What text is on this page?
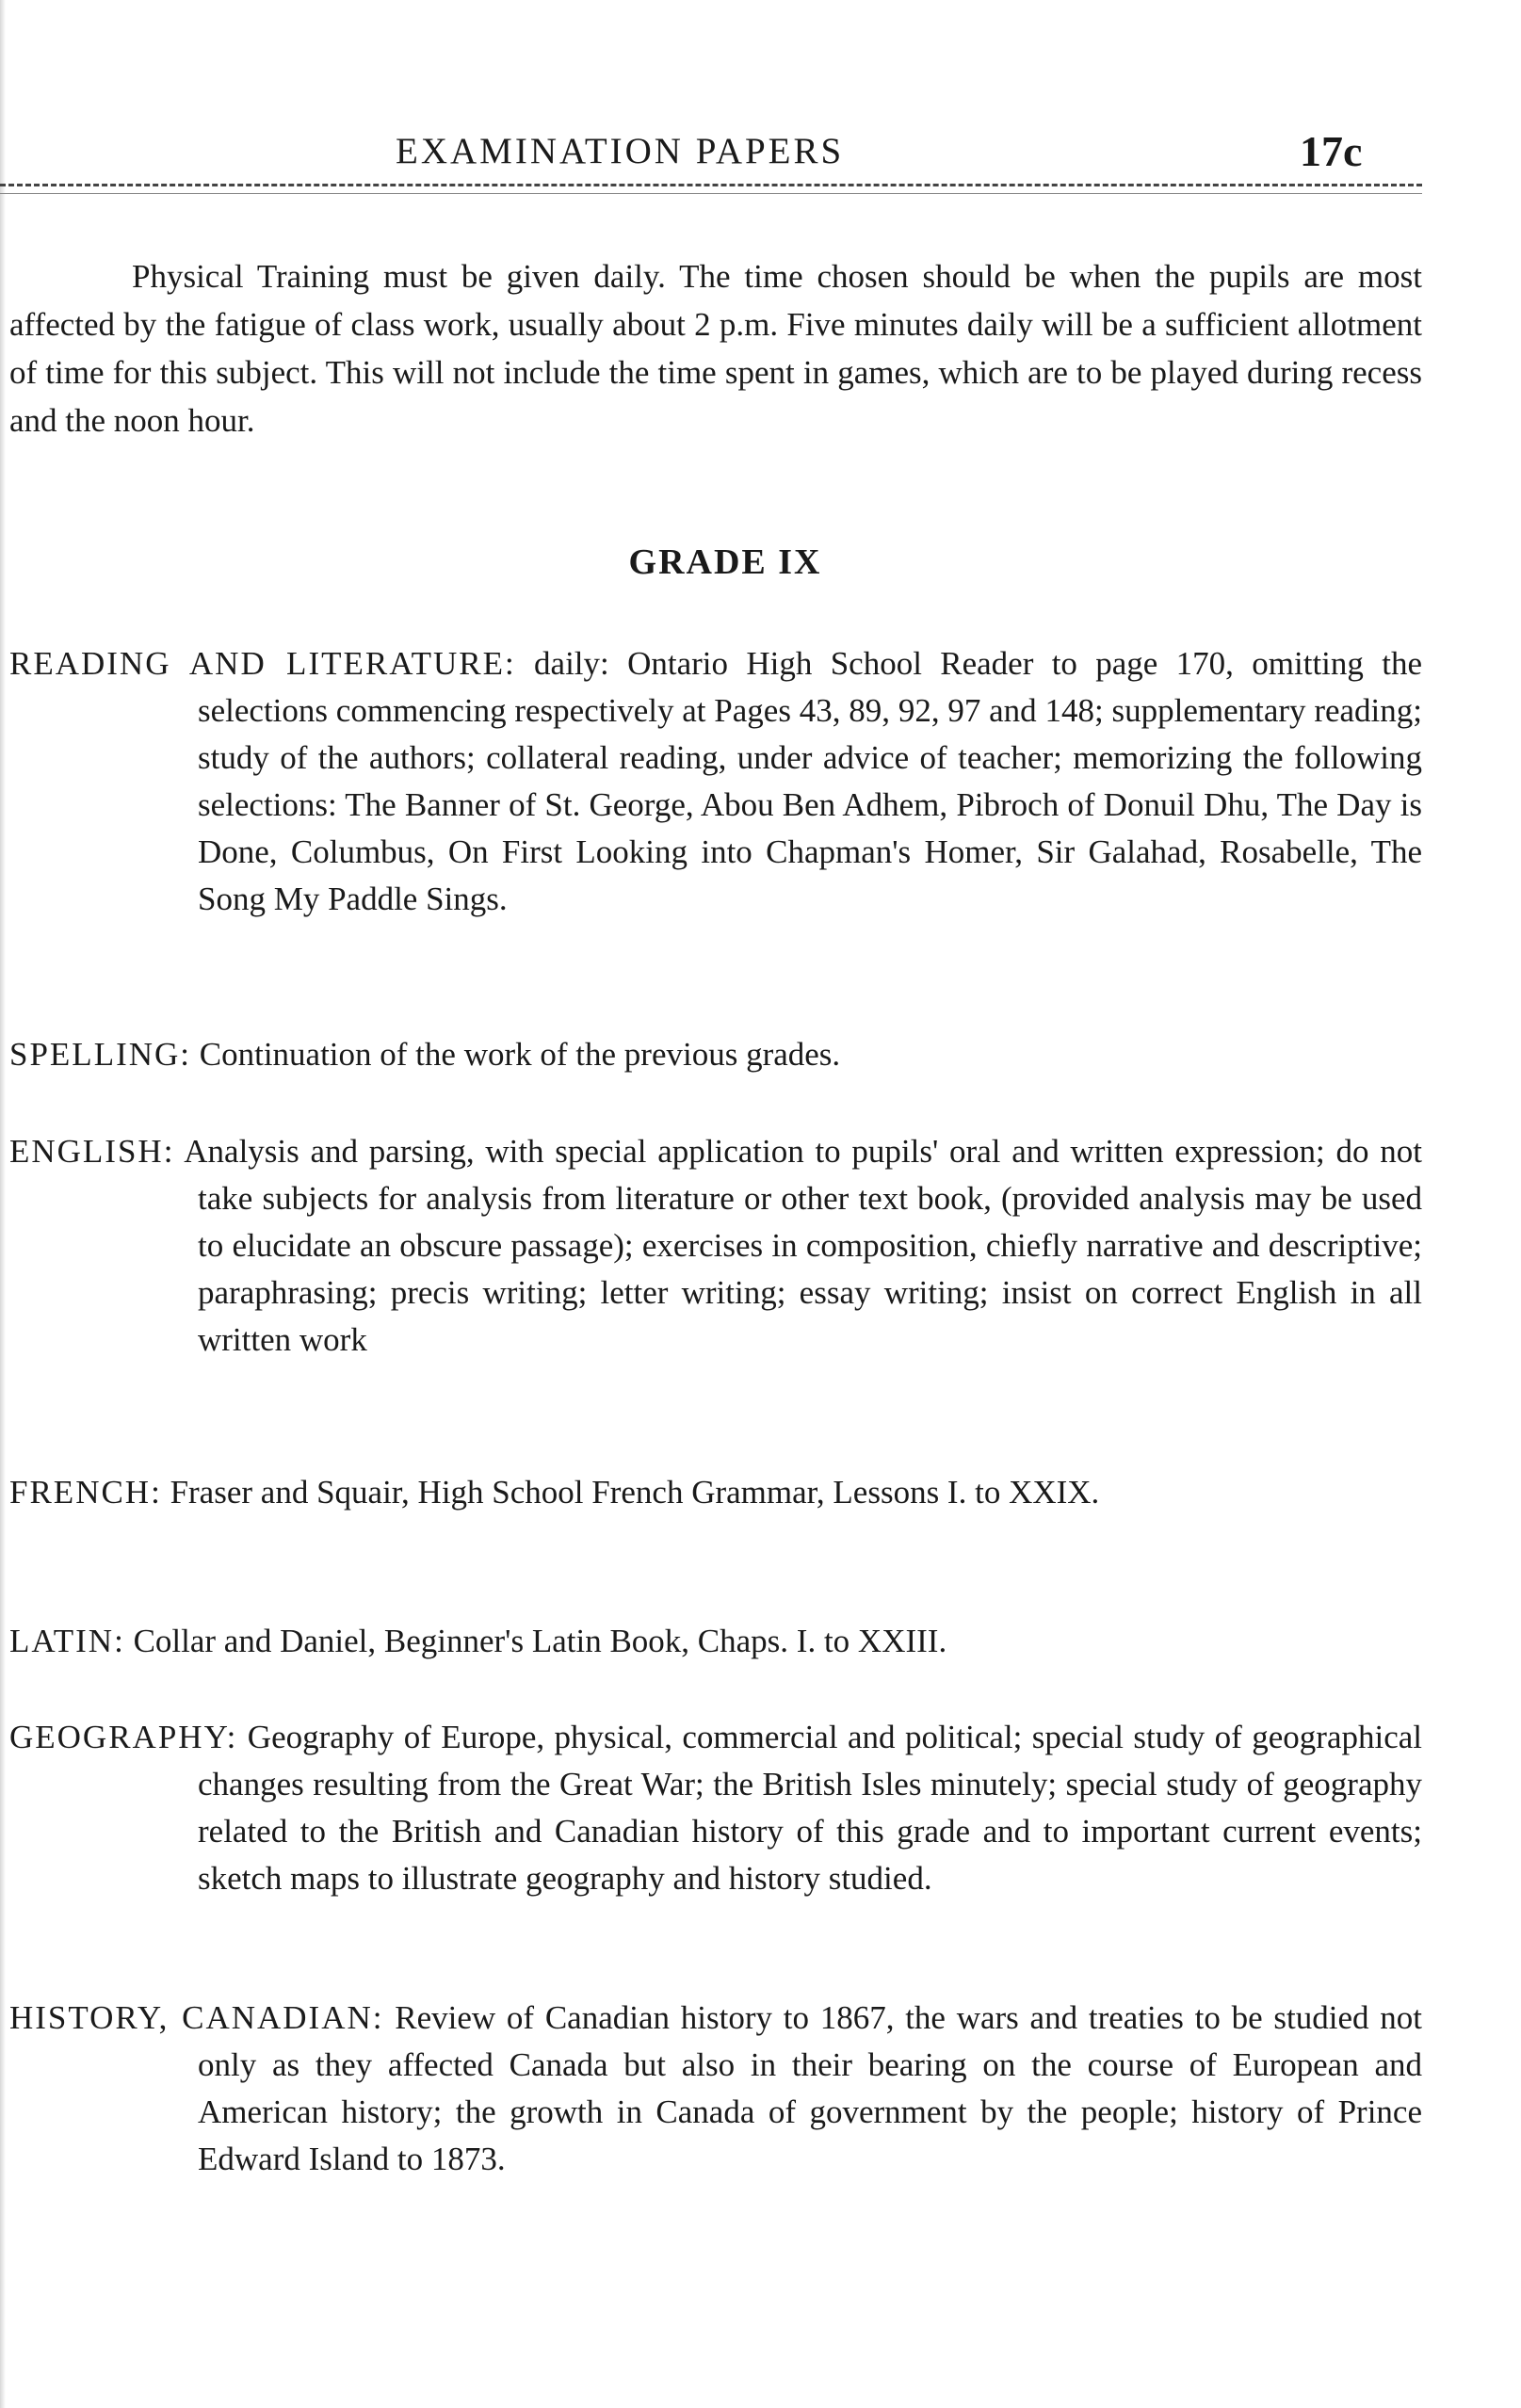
EXAMINATION PAPERS	17c

Physical Training must be given daily. The time chosen should be when the pupils are most affected by the fatigue of class work, usually about 2 p.m. Five minutes daily will be a sufficient allotment of time for this subject. This will not include the time spent in games, which are to be played during recess and the noon hour.

GRADE IX

READING AND LITERATURE: daily: Ontario High School Reader to page 170, omitting the selections commencing respectively at Pages 43, 89, 92, 97 and 148; supplementary reading; study of the authors; collateral reading, under advice of teacher; memorizing the following selections: The Banner of St. George, Abou Ben Adhem, Pibroch of Donuil Dhu, The Day is Done, Columbus, On First Looking into Chapman's Homer, Sir Galahad, Rosabelle, The Song My Paddle Sings.

SPELLING: Continuation of the work of the previous grades.

ENGLISH: Analysis and parsing, with special application to pupils' oral and written expression; do not take subjects for analysis from literature or other text book, (provided analysis may be used to elucidate an obscure passage); exercises in composition, chiefly narrative and descriptive; paraphrasing; precis writing; letter writing; essay writing; insist on correct English in all written work

FRENCH: Fraser and Squair, High School French Grammar, Lessons I. to XXIX.

LATIN: Collar and Daniel, Beginner's Latin Book, Chaps. I. to XXIII.

GEOGRAPHY: Geography of Europe, physical, commercial and political; special study of geographical changes resulting from the Great War; the British Isles minutely; special study of geography related to the British and Canadian history of this grade and to important current events; sketch maps to illustrate geography and history studied.

HISTORY, CANADIAN: Review of Canadian history to 1867, the wars and treaties to be studied not only as they affected Canada but also in their bearing on the course of European and American history; the growth in Canada of government by the people; history of Prince Edward Island to 1873.
